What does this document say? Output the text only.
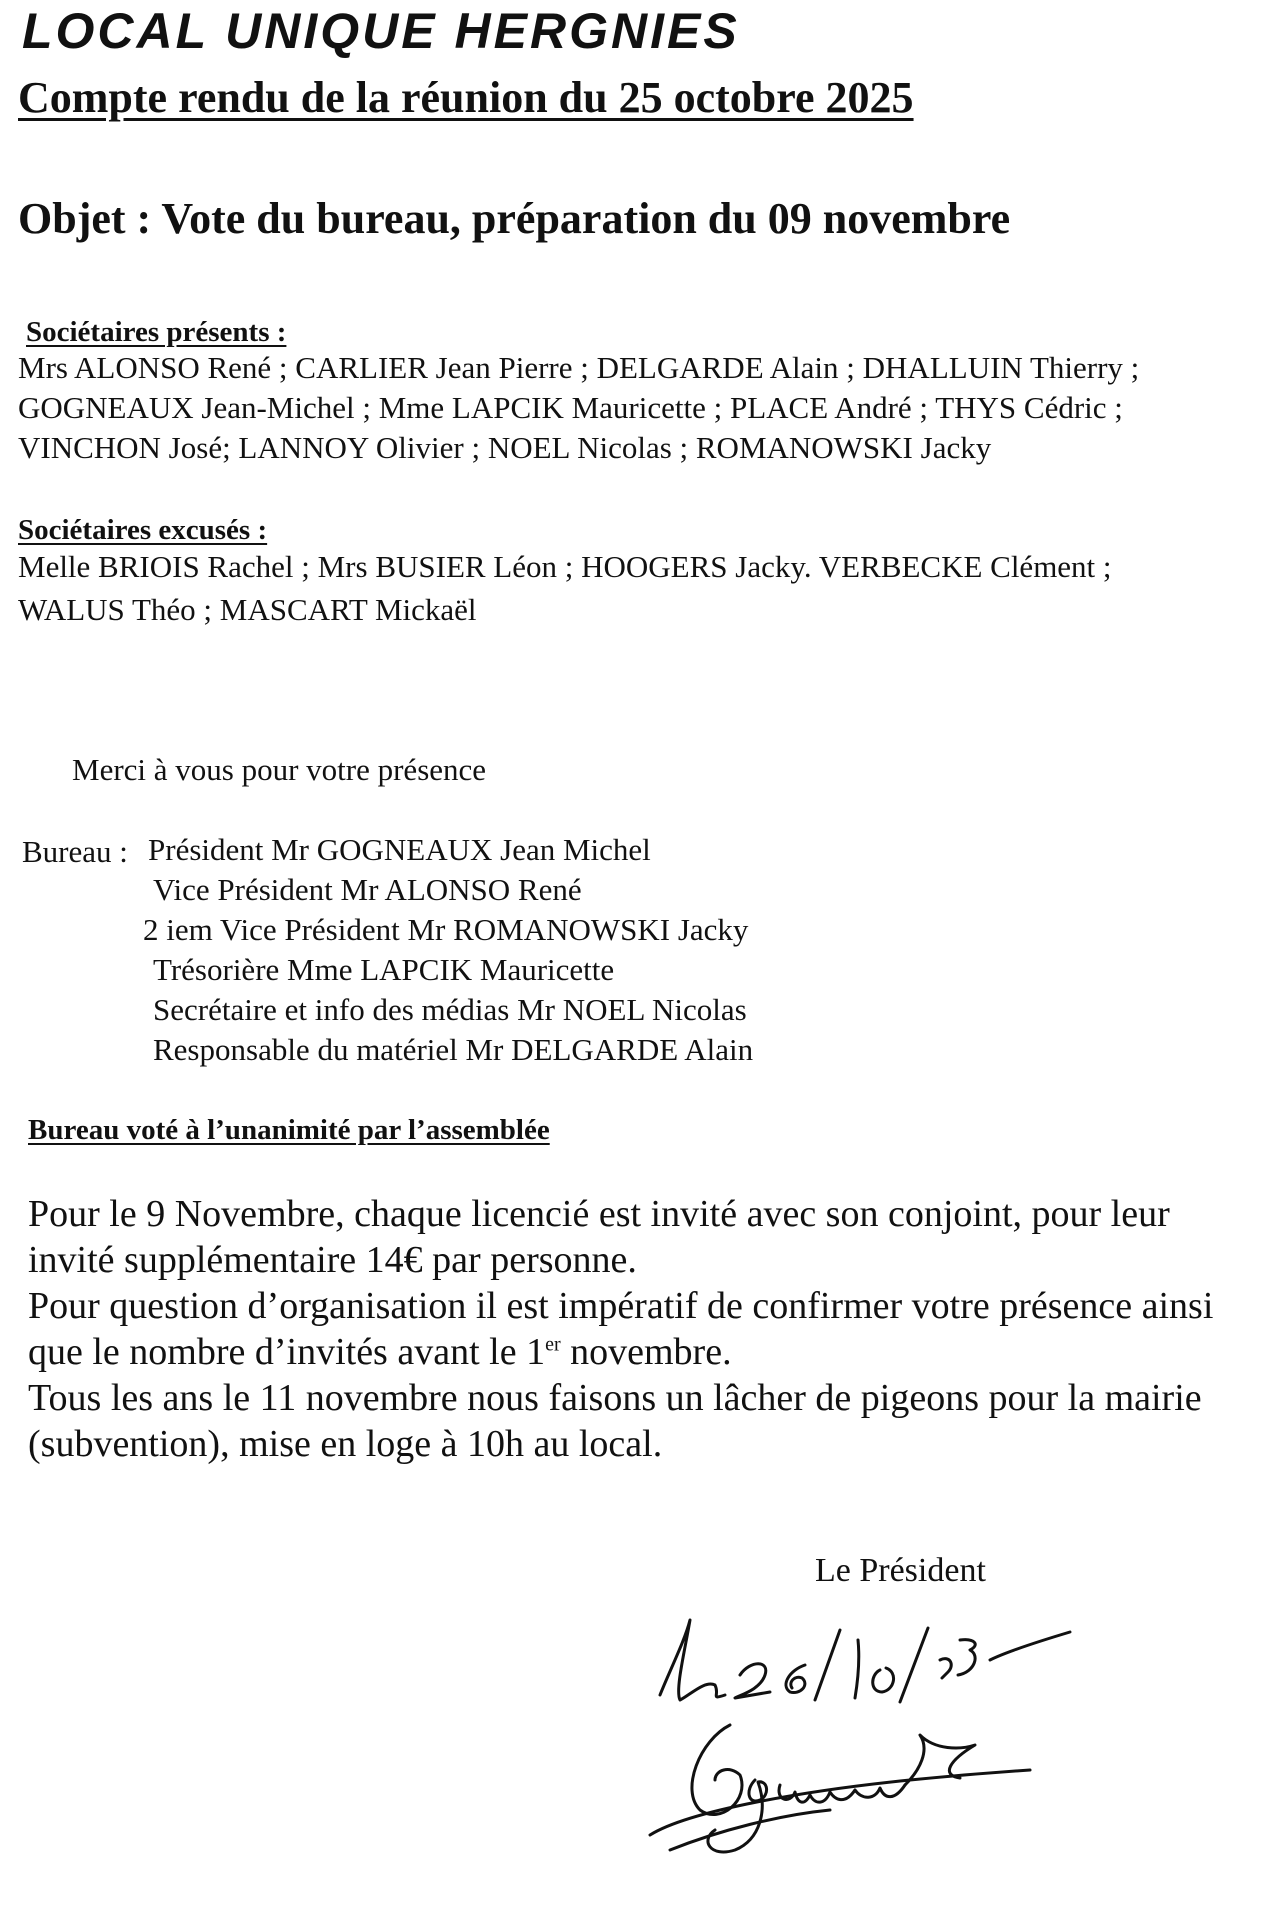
LOCAL UNIQUE HERGNIES
Compte rendu de la réunion du 25 octobre 2025
Objet : Vote du bureau, préparation du 09 novembre
Sociétaires présents :
Mrs ALONSO René ; CARLIER Jean Pierre ; DELGARDE Alain ; DHALLUIN Thierry ;
GOGNEAUX Jean-Michel ; Mme LAPCIK Mauricette ; PLACE André ; THYS Cédric ;
VINCHON José; LANNOY Olivier ; NOEL Nicolas ; ROMANOWSKI Jacky
Sociétaires excusés :
Melle BRIOIS Rachel ; Mrs BUSIER Léon ; HOOGERS Jacky. VERBECKE Clément ;
WALUS Théo ; MASCART Mickaël
Merci à vous pour votre présence
Bureau : Président Mr GOGNEAUX Jean Michel
Vice Président Mr ALONSO René
2 iem Vice Président Mr ROMANOWSKI Jacky
Trésorière Mme LAPCIK Mauricette
Secrétaire et info des médias Mr NOEL Nicolas
Responsable du matériel Mr DELGARDE Alain
Bureau voté à l’unanimité par l’assemblée
Pour le 9 Novembre, chaque licencié est invité avec son conjoint, pour leur
invité supplémentaire 14€ par personne.
Pour question d’organisation il est impératif de confirmer votre présence ainsi
que le nombre d’invités avant le 1er novembre.
Tous les ans le 11 novembre nous faisons un lâcher de pigeons pour la mairie
(subvention), mise en loge à 10h au local.
Le Président
